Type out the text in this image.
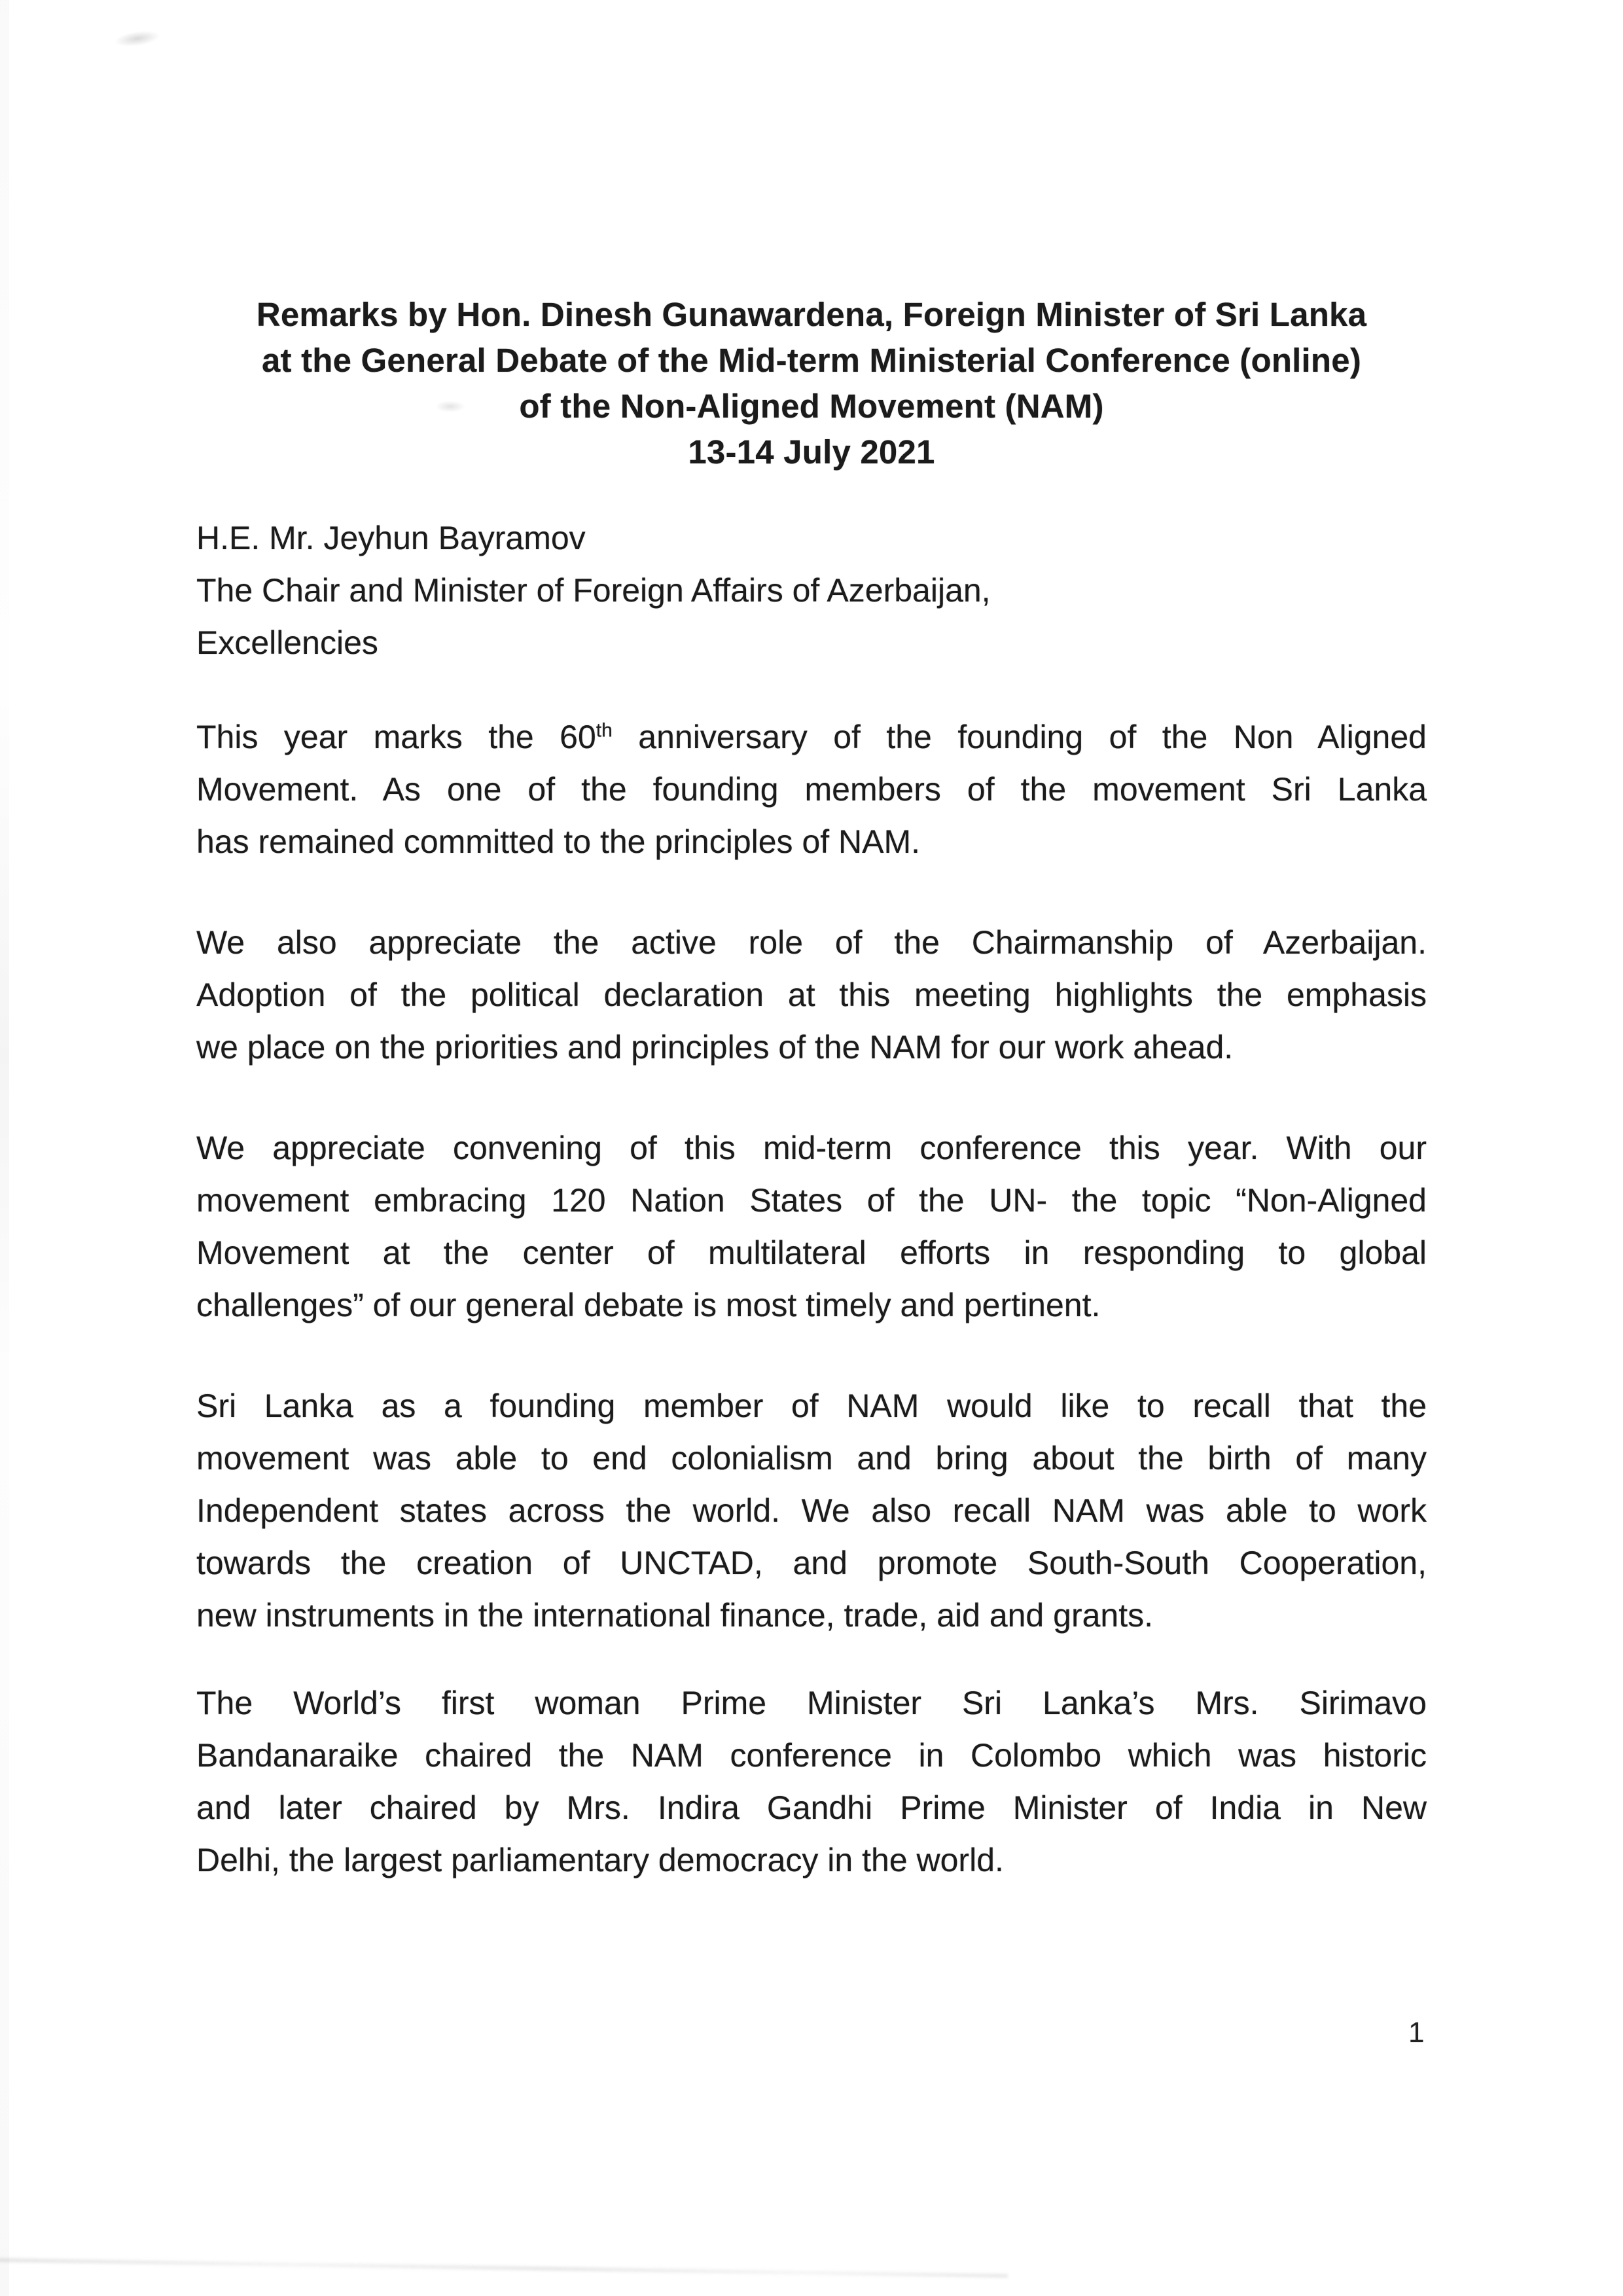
Remarks by Hon. Dinesh Gunawardena, Foreign Minister of Sri Lanka
at the General Debate of the Mid-term Ministerial Conference (online)
of the Non-Aligned Movement (NAM)
13-14 July 2021
H.E. Mr. Jeyhun Bayramov
The Chair and Minister of Foreign Affairs of Azerbaijan,
Excellencies
This year marks the 60th anniversary of the founding of the Non Aligned
Movement. As one of the founding members of the movement Sri Lanka
has remained committed to the principles of NAM.
We also appreciate the active role of the Chairmanship of Azerbaijan.
Adoption of the political declaration at this meeting highlights the emphasis
we place on the priorities and principles of the NAM for our work ahead.
We appreciate convening of this mid-term conference this year. With our
movement embracing 120 Nation States of the UN- the topic “Non-Aligned
Movement at the center of multilateral efforts in responding to global
challenges” of our general debate is most timely and pertinent.
Sri Lanka as a founding member of NAM would like to recall that the
movement was able to end colonialism and bring about the birth of many
Independent states across the world. We also recall NAM was able to work
towards the creation of UNCTAD, and promote South-South Cooperation,
new instruments in the international finance, trade, aid and grants.
The World’s first woman Prime Minister Sri Lanka’s Mrs. Sirimavo
Bandanaraike chaired the NAM conference in Colombo which was historic
and later chaired by Mrs. Indira Gandhi Prime Minister of India in New
Delhi, the largest parliamentary democracy in the world.
1
